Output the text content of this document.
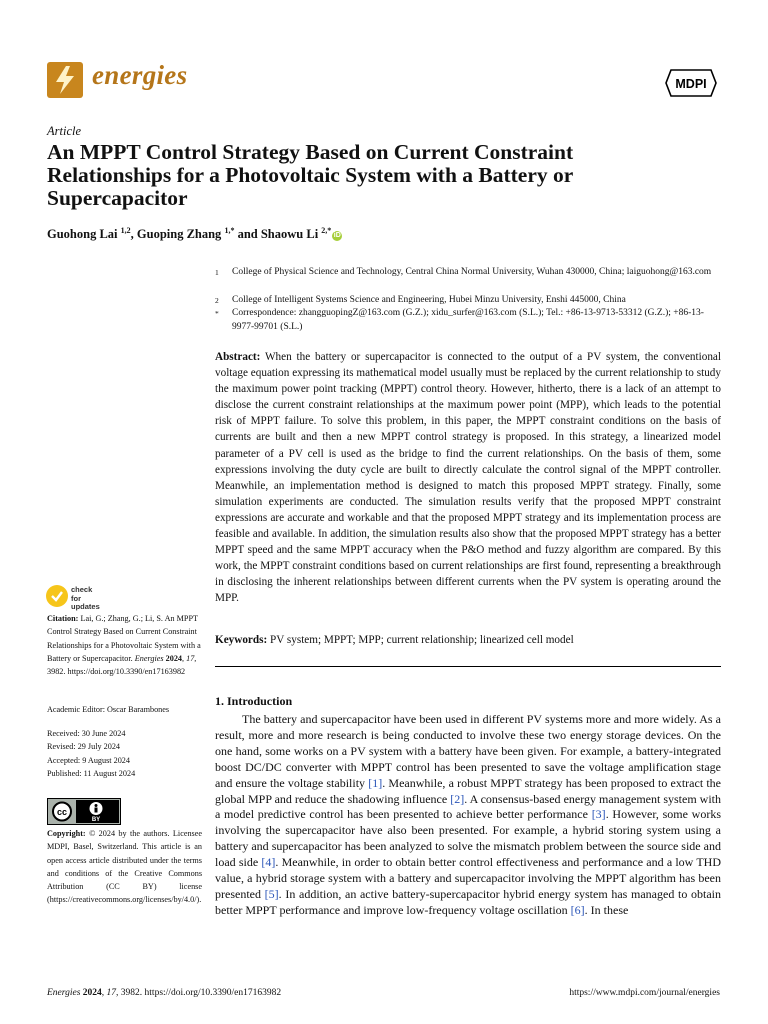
energies	MDPI
Article
An MPPT Control Strategy Based on Current Constraint Relationships for a Photovoltaic System with a Battery or Supercapacitor
Guohong Lai $^{1,2}$, Guoping Zhang $^{1,*}$ and Shaowu Li $^{2,*}$iD
1 College of Physical Science and Technology, Central China Normal University, Wuhan 430000, China; laiguohong@163.com
2 College of Intelligent Systems Science and Engineering, Hubei Minzu University, Enshi 445000, China
* Correspondence: zhangguopingZ@163.com (G.Z.); xidu_surfer@163.com (S.L.); Tel.: +86-13-9713-53312 (G.Z.); +86-13-9977-99701 (S.L.)
Abstract: When the battery or supercapacitor is connected to the output of a PV system, the conventional voltage equation expressing its mathematical model usually must be replaced by the current relationship to study the maximum power point tracking (MPPT) control theory. However, hitherto, there is a lack of an attempt to disclose the current constraint relationships at the maximum power point (MPP), which leads to the potential risk of MPPT failure. To solve this problem, in this paper, the MPPT constraint conditions on the basis of currents are built and then a new MPPT control strategy is proposed. In this strategy, a linearized model parameter of a PV cell is used as the bridge to find the current relationships. On the basis of them, some expressions involving the duty cycle are built to directly calculate the control signal of the MPPT controller. Meanwhile, an implementation method is designed to match this proposed MPPT strategy. Finally, some simulation experiments are conducted. The simulation results verify that the proposed MPPT constraint expressions are accurate and workable and that the proposed MPPT strategy and its implementation process are feasible and available. In addition, the simulation results also show that the proposed MPPT strategy has a better MPPT speed and the same MPPT accuracy when the P&O method and fuzzy algorithm are compared. By this work, the MPPT constraint conditions based on current relationships are first found, representing a breakthrough in disclosing the inherent relationships between different currents when the PV system is operating around the MPP.
Keywords: PV system; MPPT; MPP; current relationship; linearized cell model
1. Introduction
The battery and supercapacitor have been used in different PV systems more and more widely. As a result, more and more research is being conducted to involve these two energy storage devices. On the one hand, some works on a PV system with a battery have been given. For example, a battery-integrated boost DC/DC converter with MPPT control has been presented to save the voltage amplification stage and ensure the voltage stability [1]. Meanwhile, a robust MPPT strategy has been proposed to extract the global MPP and reduce the shadowing influence [2]. A consensus-based energy management system with a model predictive control has been presented to achieve better performance [3]. However, some works involving the supercapacitor have also been presented. For example, a hybrid storing system using a battery and supercapacitor has been analyzed to solve the mismatch problem between the source side and load side [4]. Meanwhile, in order to obtain better control effectiveness and performance and a low THD value, a hybrid storage system with a battery and supercapacitor involving the MPPT algorithm has been presented [5]. In addition, an active battery-supercapacitor hybrid energy system has managed to obtain better MPPT performance and improve low-frequency voltage oscillation [6]. In these
check for
updates
Citation: Lai, G.; Zhang, G.; Li, S. An MPPT Control Strategy Based on Current Constraint Relationships for a Photovoltaic System with a Battery or Supercapacitor. Energies 2024, 17, 3982. https://doi.org/10.3390/en17163982
Academic Editor: Oscar Barambones
Received: 30 June 2024
Revised: 29 July 2024
Accepted: 9 August 2024
Published: 11 August 2024
cc
BY
Copyright: © 2024 by the authors. Licensee MDPI, Basel, Switzerland. This article is an open access article distributed under the terms and conditions of the Creative Commons Attribution (CC BY) license (https://creativecommons.org/licenses/by/4.0/).
Energies 2024, 17, 3982. https://doi.org/10.3390/en17163982	https://www.mdpi.com/journal/energies
